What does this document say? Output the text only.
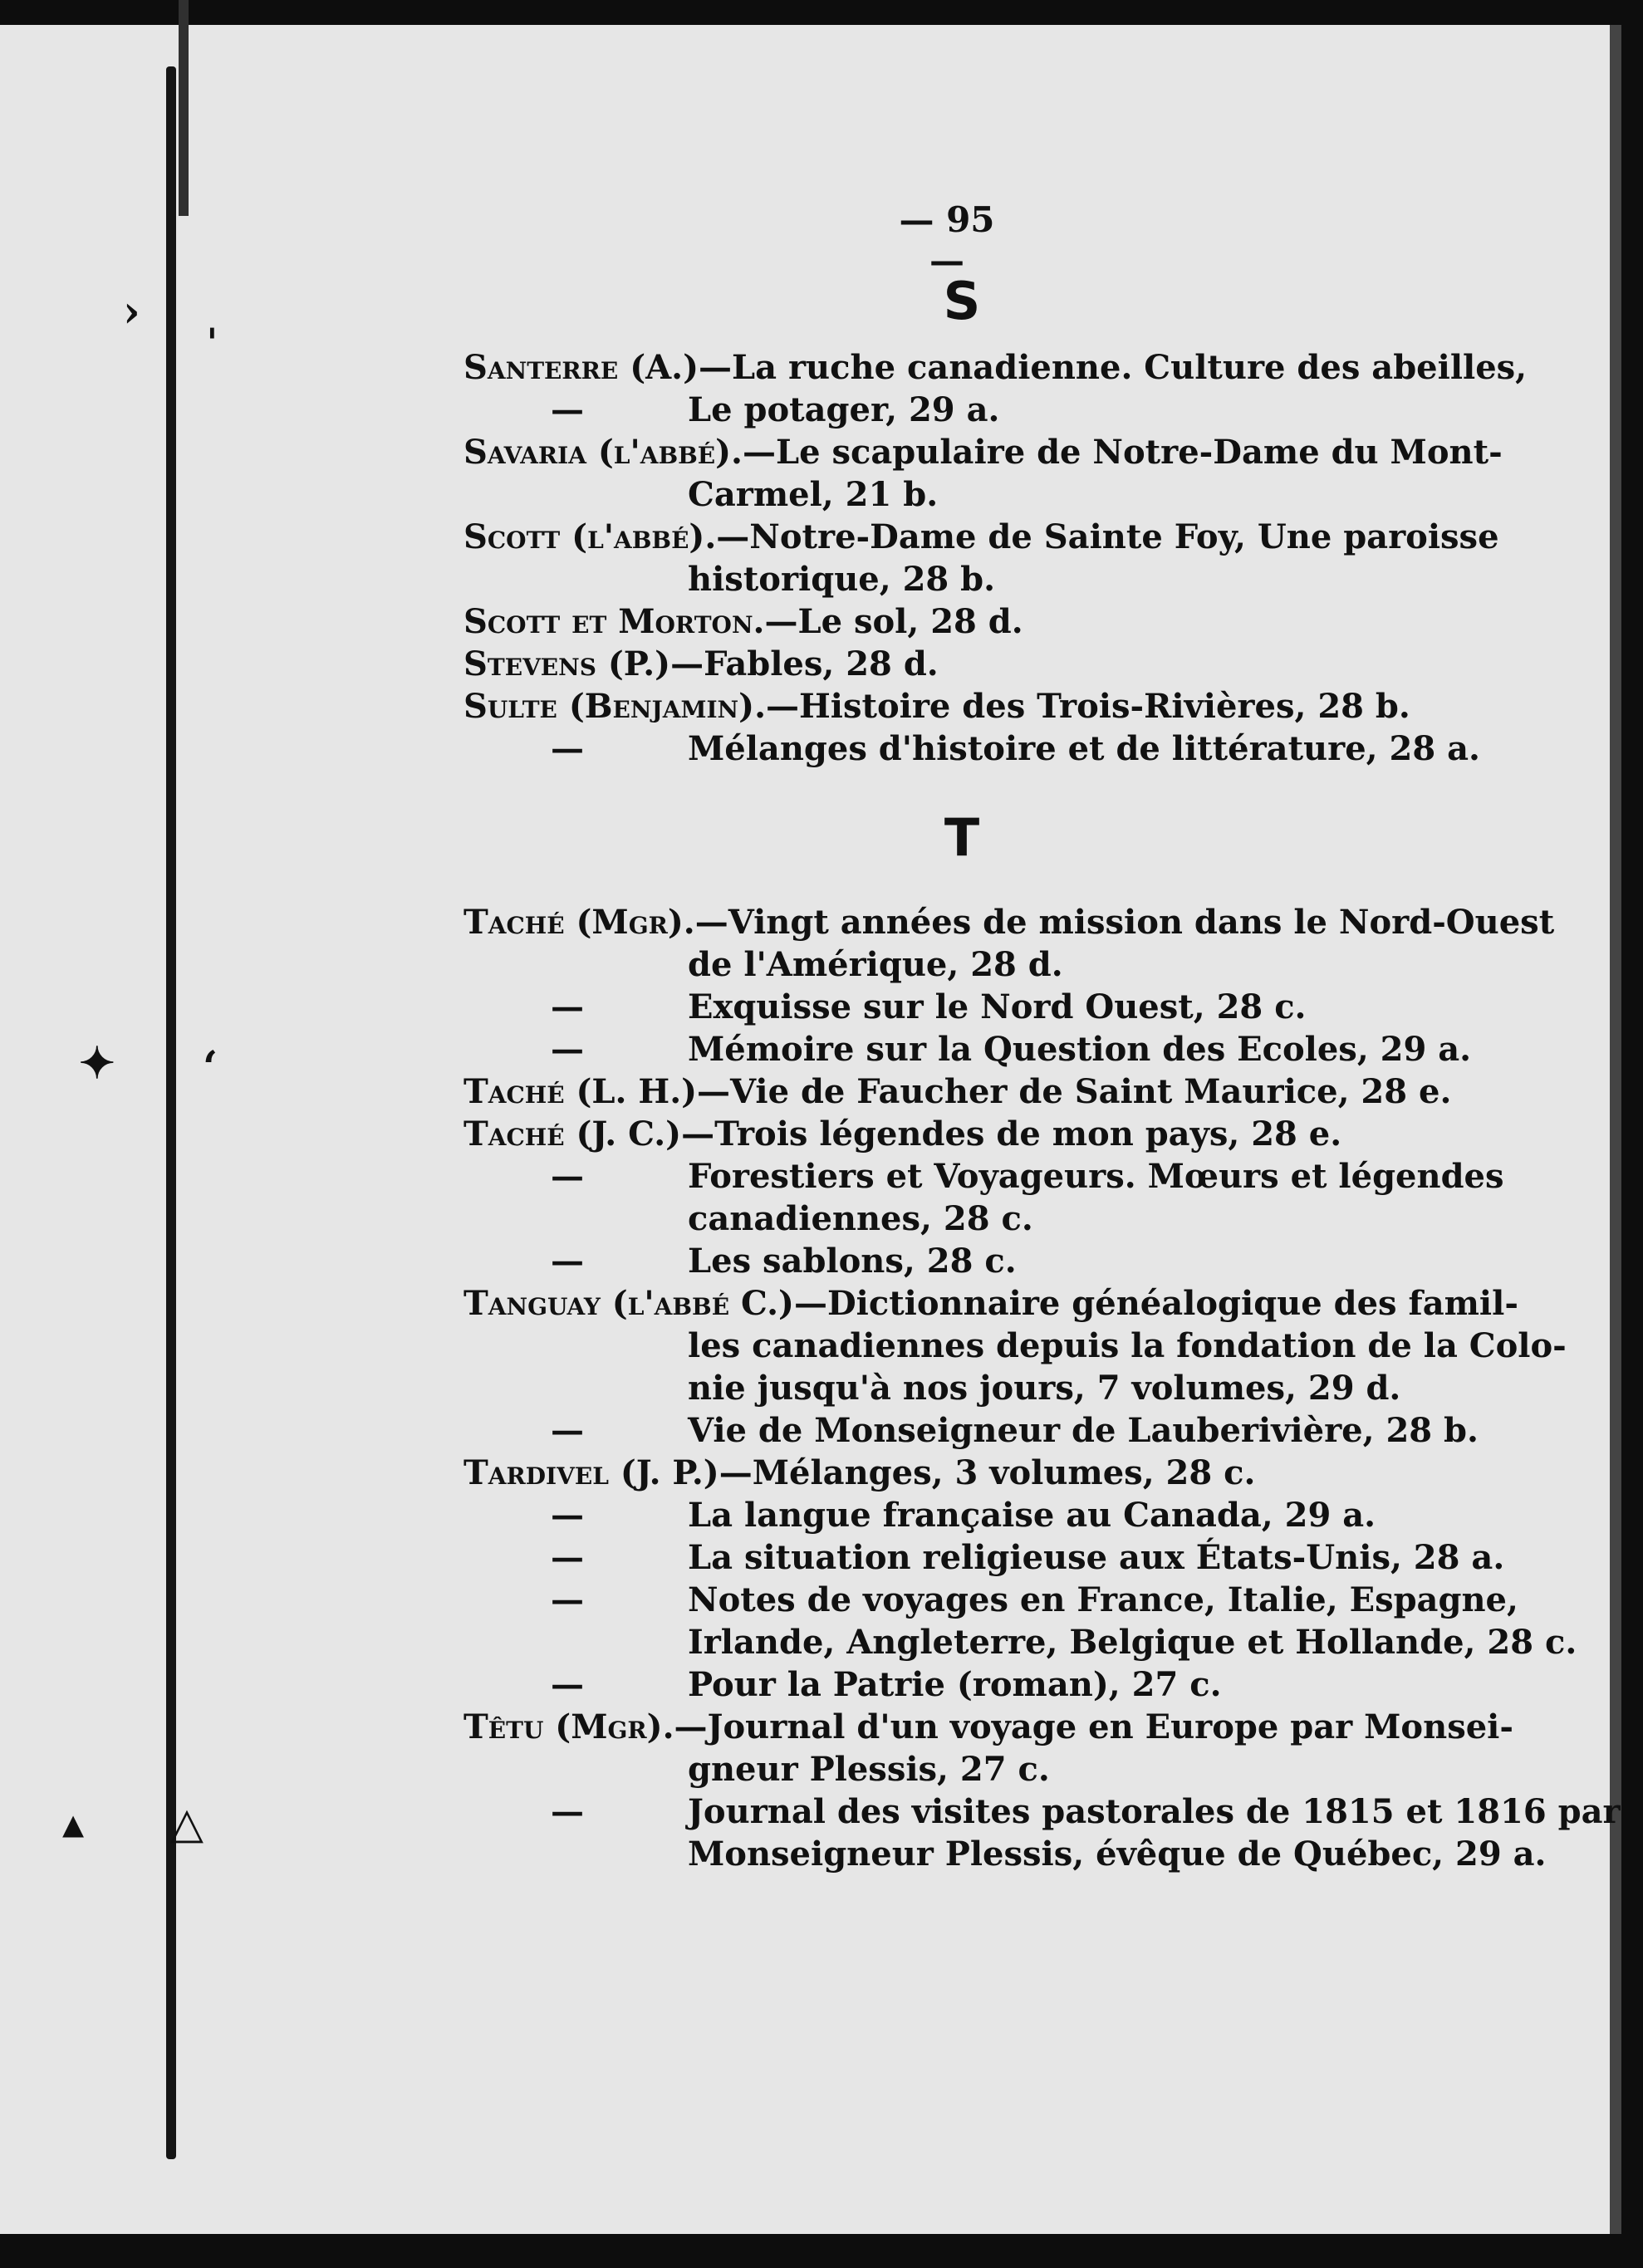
› ˌ
✦ ʻ
▴ △
— 95 —
S
Santerre (A.) —La ruche canadienne. Culture des abeilles,
—	Le potager, 29 a.
Savaria (l'abbé). —Le scapulaire de Notre-Dame du Mont-
Carmel, 21 b.
Scott (l'abbé). —Notre-Dame de Sainte Foy, Une paroisse
historique, 28 b.
Scott et Morton. —Le sol, 28 d.
Stevens (P.) —Fables, 28 d.
Sulte (Benjamin). —Histoire des Trois-Rivières, 28 b.
—	Mélanges d'histoire et de littérature, 28 a.
T
Taché (Mgr). —Vingt années de mission dans le Nord-Ouest
de l'Amérique, 28 d.
—	Exquisse sur le Nord Ouest, 28 c.
—	Mémoire sur la Question des Ecoles, 29 a.
Taché (L. H.) —Vie de Faucher de Saint Maurice, 28 e.
Taché (J. C.) —Trois légendes de mon pays, 28 e.
—	Forestiers et Voyageurs. Mœurs et légendes
canadiennes, 28 c.
—	Les sablons, 28 c.
Tanguay (l'abbé C.) —Dictionnaire généalogique des famil-
les canadiennes depuis la fondation de la Colo-
nie jusqu'à nos jours, 7 volumes, 29 d.
—	Vie de Monseigneur de Lauberivière, 28 b.
Tardivel (J. P.) —Mélanges, 3 volumes, 28 c.
—	La langue française au Canada, 29 a.
—	La situation religieuse aux États-Unis, 28 a.
—	Notes de voyages en France, Italie, Espagne,
Irlande, Angleterre, Belgique et Hollande, 28 c.
—	Pour la Patrie (roman), 27 c.
Têtu (Mgr). —Journal d'un voyage en Europe par Monsei-
gneur Plessis, 27 c.
—	Journal des visites pastorales de 1815 et 1816 par
Monseigneur Plessis, évêque de Québec, 29 a.
